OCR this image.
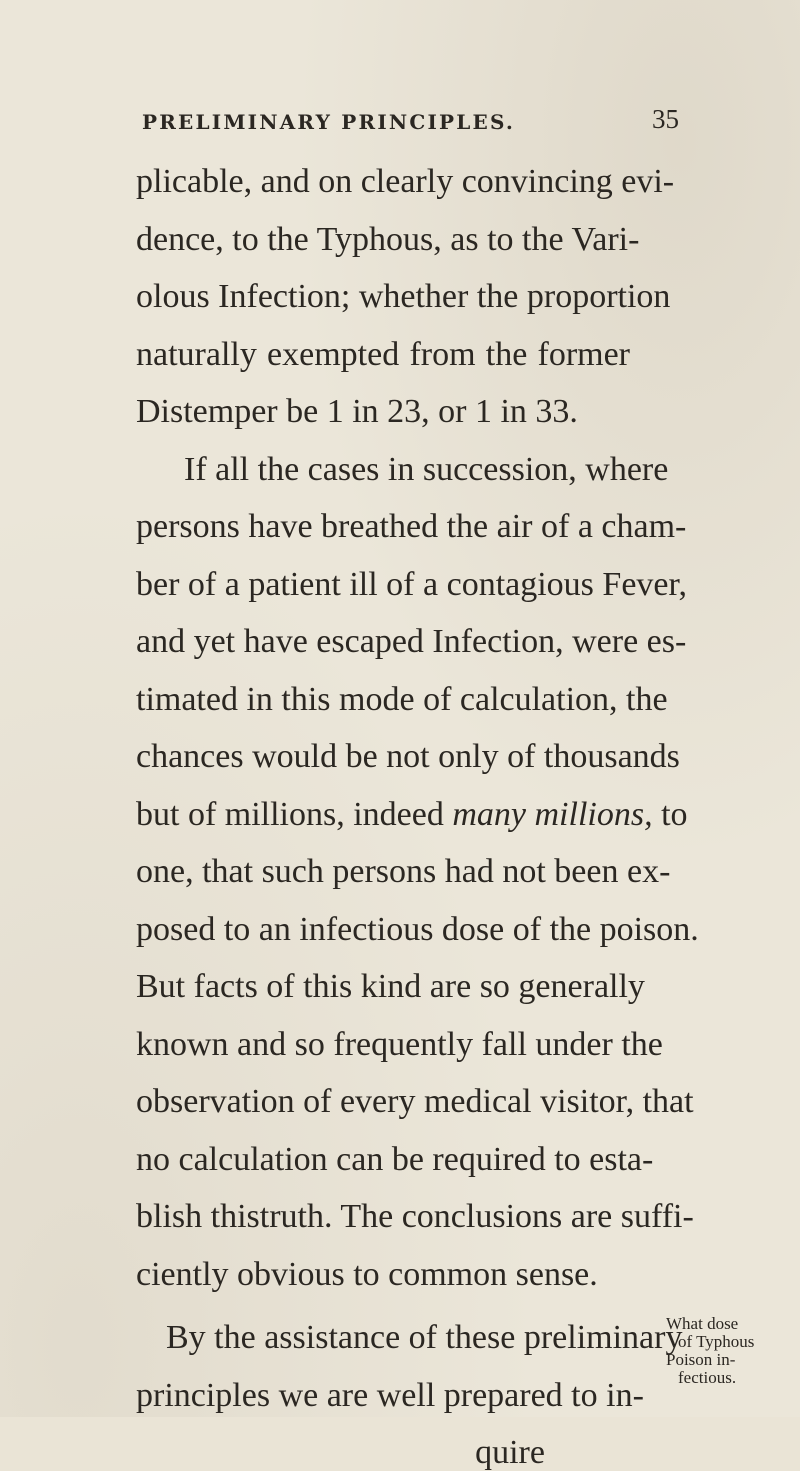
PRELIMINARY PRINCIPLES.	35
plicable, and on clearly convincing evi-
dence, to the Typhous, as to the Vari-
olous Infection; whether the proportion
naturally exempted from the former
Distemper be 1 in 23, or 1 in 33.
If all the cases in succession, where
persons have breathed the air of a cham-
ber of a patient ill of a contagious Fever,
and yet have escaped Infection, were es-
timated in this mode of calculation, the
chances would be not only of thousands
but of millions, indeed many millions, to
one, that such persons had not been ex-
posed to an infectious dose of the poison.
But facts of this kind are so generally
known and so frequently fall under the
observation of every medical visitor, that
no calculation can be required to esta-
blish thistruth. The conclusions are suffi-
ciently obvious to common sense.
By the assistance of these preliminary
principles we are well prepared to in-
quire
What dose
of Typhous
Poison in-
fectious.
